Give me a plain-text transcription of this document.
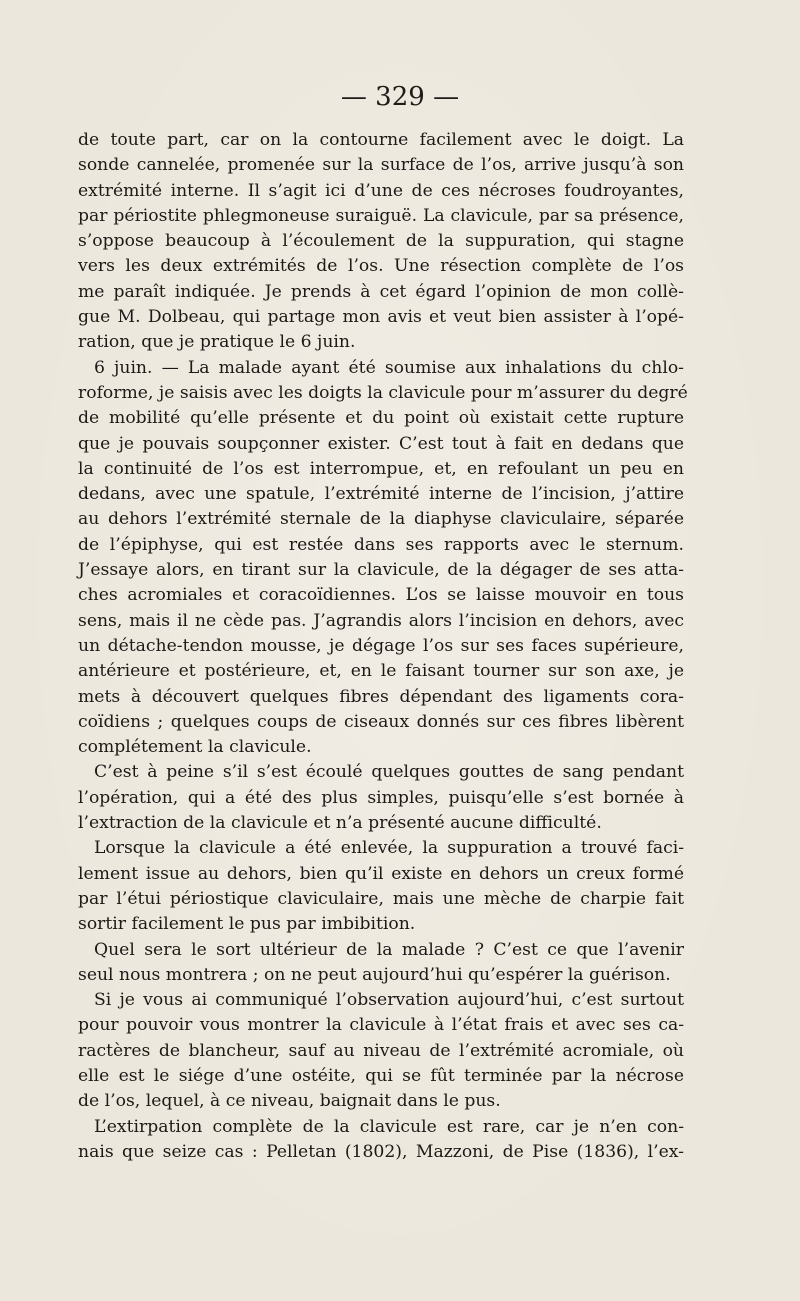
— 329 —

de toute part, car on la contourne facilement avec le doigt. La
sonde cannelée, promenée sur la surface de l’os, arrive jusqu’à son
extrémité interne. Il s’agit ici d’une de ces nécroses foudroyantes,
par périostite phlegmoneuse suraiguë. La clavicule, par sa présence,
s’oppose beaucoup à l’écoulement de la suppuration, qui stagne
vers les deux extrémités de l’os. Une résection complète de l’os
me paraît indiquée. Je prends à cet égard l’opinion de mon collè-
gue M. Dolbeau, qui partage mon avis et veut bien assister à l’opé-
ration, que je pratique le 6 juin.

6 juin. — La malade ayant été soumise aux inhalations du chlo-
roforme, je saisis avec les doigts la clavicule pour m’assurer du degré
de mobilité qu’elle présente et du point où existait cette rupture
que je pouvais soupçonner exister. C’est tout à fait en dedans que
la continuité de l’os est interrompue, et, en refoulant un peu en
dedans, avec une spatule, l’extrémité interne de l’incision, j’attire
au dehors l’extrémité sternale de la diaphyse claviculaire, séparée
de l’épiphyse, qui est restée dans ses rapports avec le sternum.
J’essaye alors, en tirant sur la clavicule, de la dégager de ses atta-
ches acromiales et coracoïdiennes. L’os se laisse mouvoir en tous
sens, mais il ne cède pas. J’agrandis alors l’incision en dehors, avec
un détache-tendon mousse, je dégage l’os sur ses faces supérieure,
antérieure et postérieure, et, en le faisant tourner sur son axe, je
mets à découvert quelques fibres dépendant des ligaments cora-
coïdiens ; quelques coups de ciseaux donnés sur ces fibres libèrent
complétement la clavicule.

C’est à peine s’il s’est écoulé quelques gouttes de sang pendant
l’opération, qui a été des plus simples, puisqu’elle s’est bornée à
l’extraction de la clavicule et n’a présenté aucune difficulté.

Lorsque la clavicule a été enlevée, la suppuration a trouvé faci-
lement issue au dehors, bien qu’il existe en dehors un creux formé
par l’étui périostique claviculaire, mais une mèche de charpie fait
sortir facilement le pus par imbibition.

Quel sera le sort ultérieur de la malade ? C’est ce que l’avenir
seul nous montrera ; on ne peut aujourd’hui qu’espérer la guérison.

Si je vous ai communiqué l’observation aujourd’hui, c’est surtout
pour pouvoir vous montrer la clavicule à l’état frais et avec ses ca-
ractères de blancheur, sauf au niveau de l’extrémité acromiale, où
elle est le siége d’une ostéite, qui se fût terminée par la nécrose
de l’os, lequel, à ce niveau, baignait dans le pus.

L’extirpation complète de la clavicule est rare, car je n’en con-
nais que seize cas : Pelletan (1802), Mazzoni, de Pise (1836), l’ex-
